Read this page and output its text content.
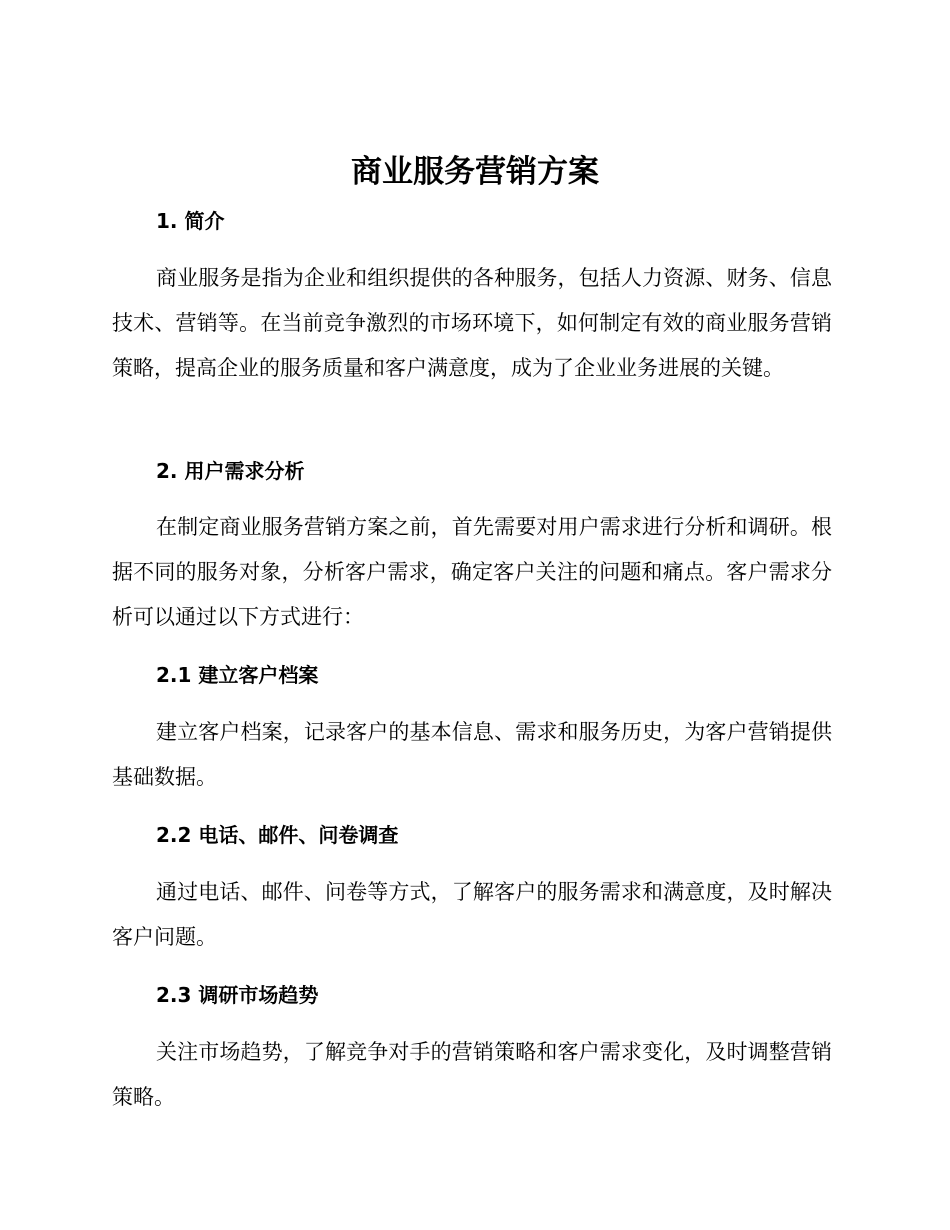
商业服务营销方案
1. 简介

商业服务是指为企业和组织提供的各种服务，包括人力资源、财务、信息技术、营销等。在当前竞争激烈的市场环境下，如何制定有效的商业服务营销策略，提高企业的服务质量和客户满意度，成为了企业业务进展的关键。

2. 用户需求分析

在制定商业服务营销方案之前，首先需要对用户需求进行分析和调研。根据不同的服务对象，分析客户需求，确定客户关注的问题和痛点。客户需求分析可以通过以下方式进行：

2.1 建立客户档案

建立客户档案，记录客户的基本信息、需求和服务历史，为客户营销提供基础数据。

2.2 电话、邮件、问卷调查

通过电话、邮件、问卷等方式，了解客户的服务需求和满意度，及时解决客户问题。

2.3 调研市场趋势

关注市场趋势，了解竞争对手的营销策略和客户需求变化，及时调整营销策略。
